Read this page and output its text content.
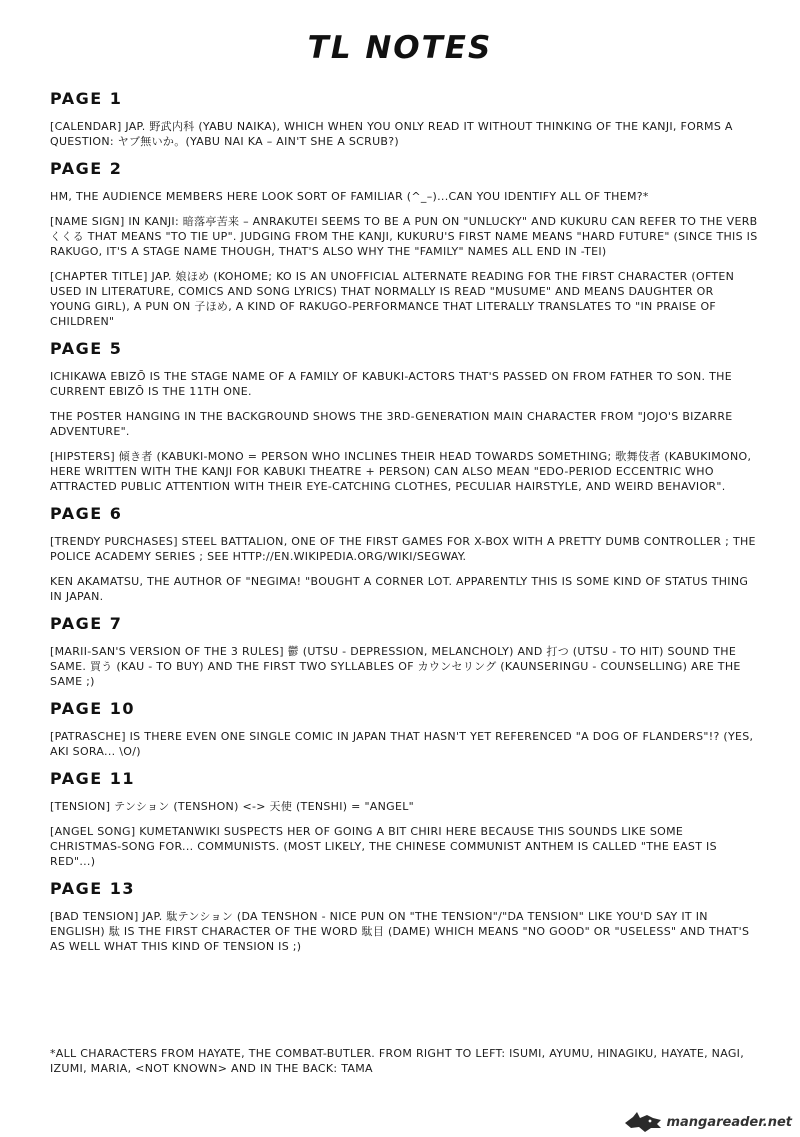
TL NOTES
PAGE 1

[CALENDAR] JAP. 野武内科 (YABU NAIKA), WHICH WHEN YOU ONLY READ IT WITHOUT THINKING OF THE KANJI, FORMS A QUESTION: ヤブ無いか。(YABU NAI KA – AIN'T SHE A SCRUB?)

PAGE 2

HM, THE AUDIENCE MEMBERS HERE LOOK SORT OF FAMILIAR (^_–)...CAN YOU IDENTIFY ALL OF THEM?*

[NAME SIGN] IN KANJI: 暗落亭苦来 – ANRAKUTEI SEEMS TO BE A PUN ON "UNLUCKY" AND KUKURU CAN REFER TO THE VERB くくる THAT MEANS "TO TIE UP". JUDGING FROM THE KANJI, KUKURU'S FIRST NAME MEANS "HARD FUTURE" (SINCE THIS IS RAKUGO, IT'S A STAGE NAME THOUGH, THAT'S ALSO WHY THE "FAMILY" NAMES ALL END IN -TEI)

[CHAPTER TITLE] JAP. 娘ほめ (KOHOME; KO IS AN UNOFFICIAL ALTERNATE READING FOR THE FIRST CHARACTER (OFTEN USED IN LITERATURE, COMICS AND SONG LYRICS) THAT NORMALLY IS READ "MUSUME" AND MEANS DAUGHTER OR YOUNG GIRL), A PUN ON 子ほめ, A KIND OF RAKUGO-PERFORMANCE THAT LITERALLY TRANSLATES TO "IN PRAISE OF CHILDREN"

PAGE 5

ICHIKAWA EBIZŌ IS THE STAGE NAME OF A FAMILY OF KABUKI-ACTORS THAT'S PASSED ON FROM FATHER TO SON. THE CURRENT EBIZŌ IS THE 11TH ONE.

THE POSTER HANGING IN THE BACKGROUND SHOWS THE 3RD-GENERATION MAIN CHARACTER FROM "JOJO'S BIZARRE ADVENTURE".

[HIPSTERS] 傾き者 (KABUKI-MONO = PERSON WHO INCLINES THEIR HEAD TOWARDS SOMETHING; 歌舞伎者 (KABUKIMONO, HERE WRITTEN WITH THE KANJI FOR KABUKI THEATRE + PERSON) CAN ALSO MEAN "EDO-PERIOD ECCENTRIC WHO ATTRACTED PUBLIC ATTENTION WITH THEIR EYE-CATCHING CLOTHES, PECULIAR HAIRSTYLE, AND WEIRD BEHAVIOR".

PAGE 6

[TRENDY PURCHASES] STEEL BATTALION, ONE OF THE FIRST GAMES FOR X-BOX WITH A PRETTY DUMB CONTROLLER ; THE POLICE ACADEMY SERIES ; SEE HTTP://EN.WIKIPEDIA.ORG/WIKI/SEGWAY.

KEN AKAMATSU, THE AUTHOR OF "NEGIMA! "BOUGHT A CORNER LOT. APPARENTLY THIS IS SOME KIND OF STATUS THING IN JAPAN.

PAGE 7

[MARII-SAN'S VERSION OF THE 3 RULES] 鬱 (UTSU - DEPRESSION, MELANCHOLY) AND 打つ (UTSU - TO HIT) SOUND THE SAME. 買う (KAU - TO BUY) AND THE FIRST TWO SYLLABLES OF カウンセリング (KAUNSERINGU - COUNSELLING) ARE THE SAME ;)

PAGE 10

[PATRASCHE] IS THERE EVEN ONE SINGLE COMIC IN JAPAN THAT HASN'T YET REFERENCED "A DOG OF FLANDERS"!? (YES, AKI SORA... \O/)

PAGE 11

[TENSION] テンション (TENSHON) <-> 天使 (TENSHI) = "ANGEL"

[ANGEL SONG] KUMETANWIKI SUSPECTS HER OF GOING A BIT CHIRI HERE BECAUSE THIS SOUNDS LIKE SOME CHRISTMAS-SONG FOR... COMMUNISTS. (MOST LIKELY, THE CHINESE COMMUNIST ANTHEM IS CALLED "THE EAST IS RED"...)

PAGE 13

[BAD TENSION] JAP. 駄テンション (DA TENSHON - NICE PUN ON "THE TENSION"/"DA TENSION" LIKE YOU'D SAY IT IN ENGLISH) 駄 IS THE FIRST CHARACTER OF THE WORD 駄目 (DAME) WHICH MEANS "NO GOOD" OR "USELESS" AND THAT'S AS WELL WHAT THIS KIND OF TENSION IS ;)

*ALL CHARACTERS FROM HAYATE, THE COMBAT-BUTLER. FROM RIGHT TO LEFT: ISUMI, AYUMU, HINAGIKU, HAYATE, NAGI, IZUMI, MARIA, <NOT KNOWN> AND IN THE BACK: TAMA
mangareader.net
